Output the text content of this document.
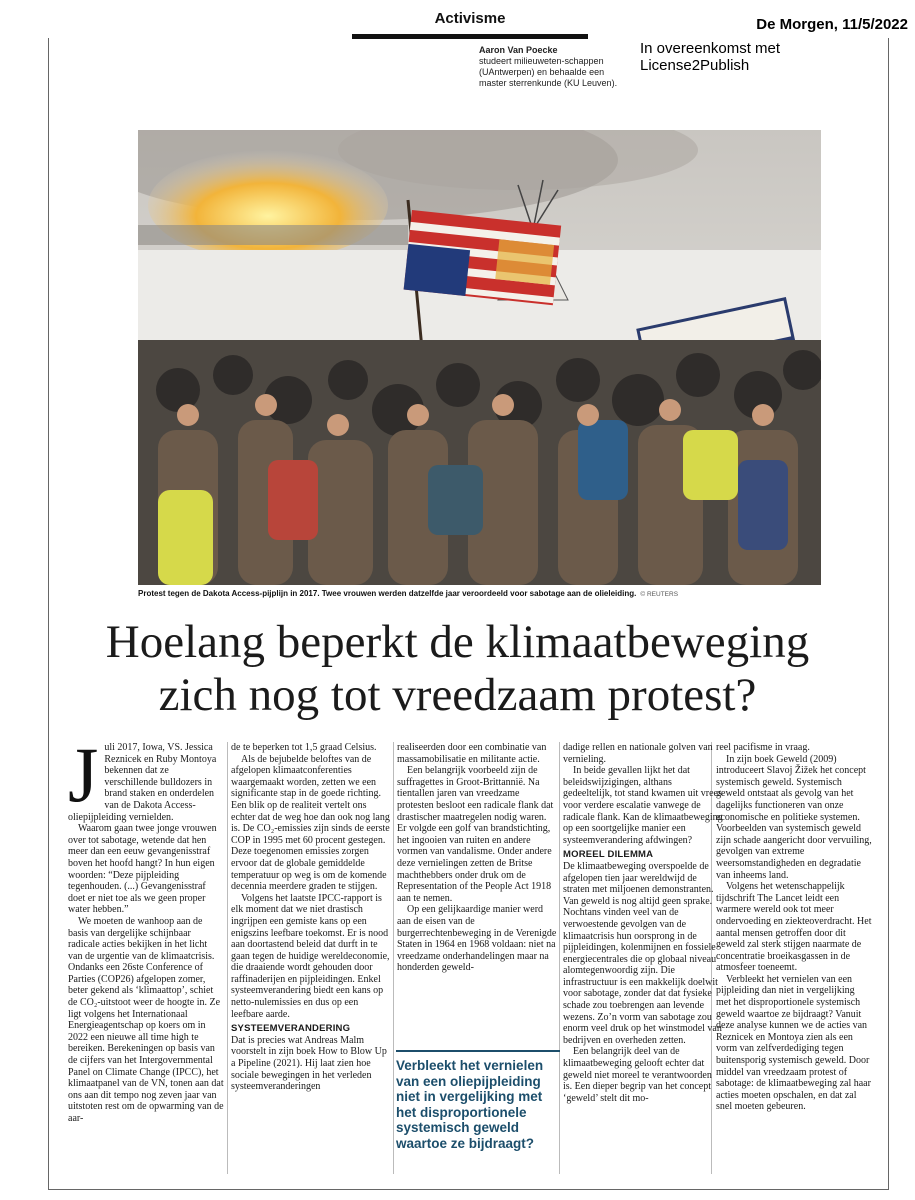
Activisme	De Morgen, 11/5/2022
In overeenkomst met License2Publish
Aaron Van Poecke
studeert milieuweten-schappen (UAntwerpen) en behaalde een master sterrenkunde (KU Leuven).
Protest tegen de Dakota Access-pijplijn in 2017. Twee vrouwen werden datzelfde jaar veroordeeld voor sabotage aan de olieleiding. © REUTERS
Hoelang beperkt de klimaatbeweging
zich nog tot vreedzaam protest?

Juli 2017, Iowa, VS. Jessica Reznicek en Ruby Montoya bekennen dat ze verschillende bulldozers in brand staken en onderdelen van de Dakota Access-oliepijpleiding vernielden.

Waarom gaan twee jonge vrouwen over tot sabotage, wetende dat hen meer dan een eeuw gevangenisstraf boven het hoofd hangt? In hun eigen woorden: “Deze pijpleiding tegenhouden. (...) Gevangenisstraf doet er niet toe als we geen proper water hebben.”

We moeten de wanhoop aan de basis van dergelijke schijnbaar radicale acties bekijken in het licht van de urgentie van de klimaatcrisis. Ondanks een 26ste Conference of Parties (COP26) afgelopen zomer, beter gekend als ‘klimaattop’, schiet de CO₂-uitstoot weer de hoogte in. Ze ligt volgens het Internationaal Energieagentschap op koers om in 2022 een nieuwe all time high te bereiken. Berekeningen op basis van de cijfers van het Intergovernmental Panel on Climate Change (IPCC), het klimaatpanel van de VN, tonen aan dat ons aan dit tempo nog zeven jaar van uitstoten rest om de opwarming van de aar-

de te beperken tot 1,5 graad Celsius.

Als de bejubelde beloftes van de afgelopen klimaatconferenties waargemaakt worden, zetten we een significante stap in de goede richting. Een blik op de realiteit vertelt ons echter dat de weg hoe dan ook nog lang is. De CO₂-emissies zijn sinds de eerste COP in 1995 met 60 procent gestegen. Deze toegenomen emissies zorgen ervoor dat de globale gemiddelde temperatuur op weg is om de komende decennia meerdere graden te stijgen.

Volgens het laatste IPCC-rapport is elk moment dat we niet drastisch ingrijpen een gemiste kans op een enigszins leefbare toekomst. Er is nood aan doortastend beleid dat durft in te gaan tegen de huidige wereldeconomie, die draaiende wordt gehouden door raffinaderijen en pijpleidingen. Enkel systeemverandering biedt een kans op netto-nulemissies en dus op een leefbare aarde.

SYSTEEMVERANDERING

Dat is precies wat Andreas Malm voorstelt in zijn boek How to Blow Up a Pipeline (2021). Hij laat zien hoe sociale bewegingen in het verleden systeemveranderingen

realiseerden door een combinatie van massamobilisatie en militante actie.

Een belangrijk voorbeeld zijn de suffragettes in Groot-Brittannië. Na tientallen jaren van vreedzame protesten besloot een radicale flank dat drastischer maatregelen nodig waren. Er volgde een golf van brandstichting, het ingooien van ruiten en andere vormen van vandalisme. Onder andere deze vernielingen zetten de Britse machthebbers onder druk om de Representation of the People Act 1918 aan te nemen.

Op een gelijkaardige manier werd aan de eisen van de burgerrechtenbeweging in de Verenigde Staten in 1964 en 1968 voldaan: niet na vreedzame onderhandelingen maar na honderden geweld-

Verbleekt het vernielen van een oliepijpleiding niet in vergelijking met het disproportionele systemisch geweld waartoe ze bijdraagt?

dadige rellen en nationale golven van vernieling.

In beide gevallen lijkt het dat beleidswijzigingen, althans gedeeltelijk, tot stand kwamen uit vrees voor verdere escalatie vanwege de radicale flank. Kan de klimaatbeweging op een soortgelijke manier een systeemverandering afdwingen?

MOREEL DILEMMA

De klimaatbeweging overspoelde de afgelopen tien jaar wereldwijd de straten met miljoenen demonstranten. Van geweld is nog altijd geen sprake. Nochtans vinden veel van de verwoestende gevolgen van de klimaatcrisis hun oorsprong in de pijpleidingen, kolenmijnen en fossiele energiecentrales die op globaal niveau alomtegenwoordig zijn. Die infrastructuur is een makkelijk doelwit voor sabotage, zonder dat dat fysieke schade zou toebrengen aan levende wezens. Zo’n vorm van sabotage zou enorm veel druk op het winstmodel van bedrijven en overheden zetten.

Een belangrijk deel van de klimaatbeweging gelooft echter dat geweld niet moreel te verantwoorden is. Een dieper begrip van het concept ‘geweld’ stelt dit mo-

reel pacifisme in vraag.

In zijn boek Geweld (2009) introduceert Slavoj Žižek het concept systemisch geweld. Systemisch geweld ontstaat als gevolg van het dagelijks functioneren van onze economische en politieke systemen. Voorbeelden van systemisch geweld zijn schade aangericht door vervuiling, gevolgen van extreme weersomstandigheden en degradatie van inheems land.

Volgens het wetenschappelijk tijdschrift The Lancet leidt een warmere wereld ook tot meer ondervoeding en ziekteoverdracht. Het aantal mensen getroffen door dit geweld zal sterk stijgen naarmate de concentratie broeikasgassen in de atmosfeer toeneemt.

Verbleekt het vernielen van een pijpleiding dan niet in vergelijking met het disproportionele systemisch geweld waartoe ze bijdraagt? Vanuit deze analyse kunnen we de acties van Reznicek en Montoya zien als een vorm van zelfverdediging tegen buitensporig systemisch geweld. Door middel van vreedzaam protest of sabotage: de klimaatbeweging zal haar acties moeten opschalen, en dat zal snel moeten gebeuren.
